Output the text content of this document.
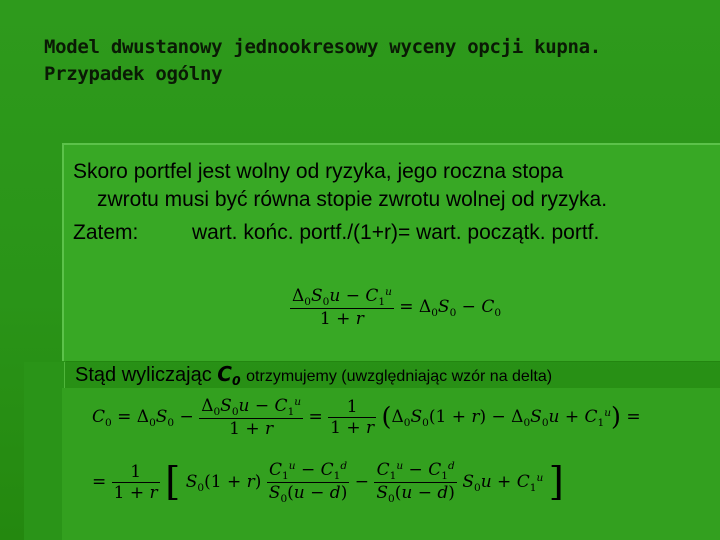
Model dwustanowy jednookresowy wyceny opcji kupna. Przypadek ogólny
Skoro portfel jest wolny od ryzyka, jego roczna stopa
zwrotu musi być równa stopie zwrotu wolnej od ryzyka.
Zatem:	wart. końc. portf./(1+r)= wart. początk. portf.
$\frac{\Delta_0S_0u - C_1^u}{1 + r} = \Delta_0S_0 - C_0$
Stąd wyliczając $C_0$ otrzymujemy (uwzględniając wzór na delta)
$C_0 = \Delta_0S_0 - \frac{\Delta_0S_0u - C_1^u}{1 + r} = \frac{1}{1 + r} (\Delta_0S_0(1 + r) - \Delta_0S_0u + C_1^u)$ =
= $\frac{1}{1 + r}$ [ $S_0(1 + r) \frac{C_1^u - C_1^d}{S_0(u - d)} - \frac{C_1^u - C_1^d}{S_0(u - d)} S_0u + C_1^u$ ]
